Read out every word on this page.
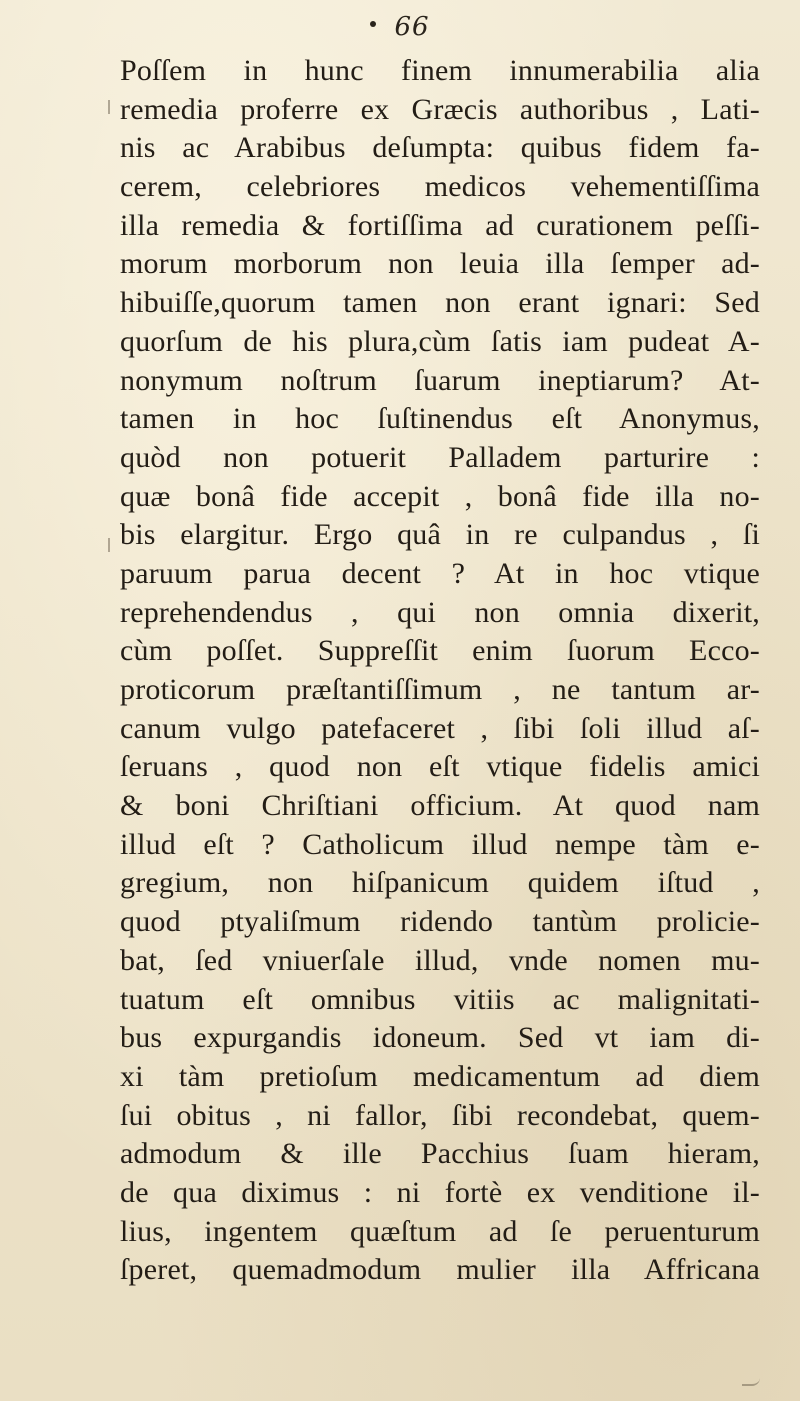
66
Poſſem in hunc finem innumerabilia alia
remedia proferre ex Græcis authoribus , Lati-
nis ac Arabibus deſumpta: quibus fidem fa-
cerem, celebriores medicos vehementiſſima
illa remedia & fortiſſima ad curationem peſſi-
morum morborum non leuia illa ſemper ad-
hibuiſſe,quorum tamen non erant ignari: Sed
quorſum de his plura,cùm ſatis iam pudeat A-
nonymum noſtrum ſuarum ineptiarum? At-
tamen in hoc ſuſtinendus eſt Anonymus,
quòd non potuerit Palladem parturire :
quæ bonâ fide accepit , bonâ fide illa no-
bis elargitur. Ergo quâ in re culpandus , ſi
paruum parua decent ? At in hoc vtique
reprehendendus , qui non omnia dixerit,
cùm poſſet. Suppreſſit enim ſuorum Ecco-
proticorum præſtantiſſimum , ne tantum ar-
canum vulgo patefaceret , ſibi ſoli illud aſ-
ſeruans , quod non eſt vtique fidelis amici
& boni Chriſtiani officium. At quod nam
illud eſt ? Catholicum illud nempe tàm e-
gregium, non hiſpanicum quidem iſtud ,
quod ptyaliſmum ridendo tantùm prolicie-
bat, ſed vniuerſale illud, vnde nomen mu-
tuatum eſt omnibus vitiis ac malignitati-
bus expurgandis idoneum. Sed vt iam di-
xi tàm pretioſum medicamentum ad diem
ſui obitus , ni fallor, ſibi recondebat, quem-
admodum & ille Pacchius ſuam hieram,
de qua diximus : ni fortè ex venditione il-
lius, ingentem quæſtum ad ſe peruenturum
ſperet, quemadmodum mulier illa Affricana
